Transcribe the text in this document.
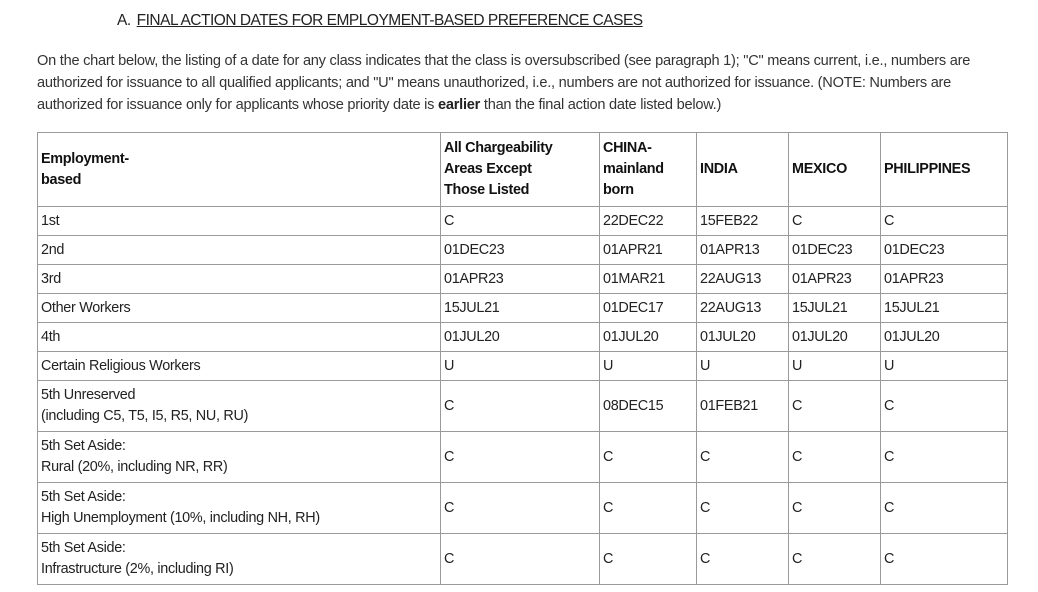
A. FINAL ACTION DATES FOR EMPLOYMENT-BASED PREFERENCE CASES

On the chart below, the listing of a date for any class indicates that the class is oversubscribed (see paragraph 1); "C" means current, i.e., numbers are authorized for issuance to all qualified applicants; and "U" means unauthorized, i.e., numbers are not authorized for issuance. (NOTE: Numbers are authorized for issuance only for applicants whose priority date is earlier than the final action date listed below.)

Employment-
based	All Chargeability
Areas Except
Those Listed	CHINA-
mainland
born	INDIA	MEXICO	PHILIPPINES

1st	C	22DEC22	15FEB22	C	C

2nd	01DEC23	01APR21	01APR13	01DEC23	01DEC23

3rd	01APR23	01MAR21	22AUG13	01APR23	01APR23

Other Workers	15JUL21	01DEC17	22AUG13	15JUL21	15JUL21

4th	01JUL20	01JUL20	01JUL20	01JUL20	01JUL20

Certain Religious Workers	U	U	U	U	U

5th Unreserved
(including C5, T5, I5, R5, NU, RU)	C	08DEC15	01FEB21	C	C

5th Set Aside:
Rural (20%, including NR, RR)	C	C	C	C	C

5th Set Aside:
High Unemployment (10%, including NH, RH)	C	C	C	C	C

5th Set Aside:
Infrastructure (2%, including RI)	C	C	C	C	C
